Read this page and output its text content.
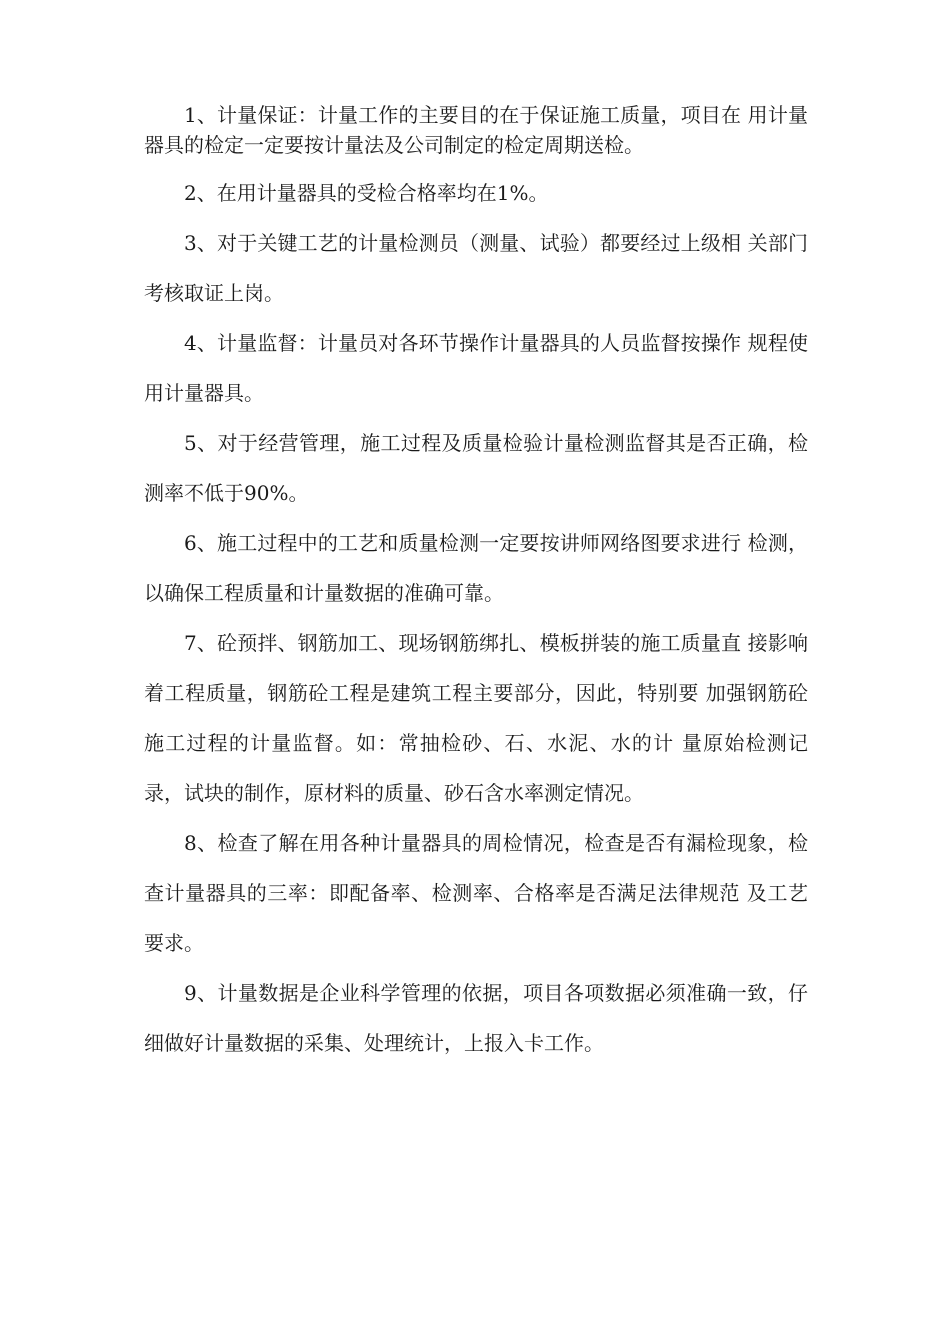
1、计量保证：计量工作的主要目的在于保证施工质量，项目在 用计量器具的检定一定要按计量法及公司制定的检定周期送检。

2、在用计量器具的受检合格率均在1%。

3、对于关键工艺的计量检测员（测量、试验）都要经过上级相 关部门考核取证上岗。

4、计量监督：计量员对各环节操作计量器具的人员监督按操作 规程使用计量器具。

5、对于经营管理，施工过程及质量检验计量检测监督其是否正确，检测率不低于90%。

6、施工过程中的工艺和质量检测一定要按讲师网络图要求进行 检测，以确保工程质量和计量数据的准确可靠。

7、砼预拌、钢筋加工、现场钢筋绑扎、模板拼装的施工质量直 接影响着工程质量，钢筋砼工程是建筑工程主要部分，因此，特别要 加强钢筋砼施工过程的计量监督。如：常抽检砂、石、水泥、水的计 量原始检测记录，试块的制作，原材料的质量、砂石含水率测定情况。

8、检查了解在用各种计量器具的周检情况，检查是否有漏检现象，检查计量器具的三率：即配备率、检测率、合格率是否满足法律规范 及工艺要求。

9、计量数据是企业科学管理的依据，项目各项数据必须准确一致，仔细做好计量数据的采集、处理统计，上报入卡工作。
